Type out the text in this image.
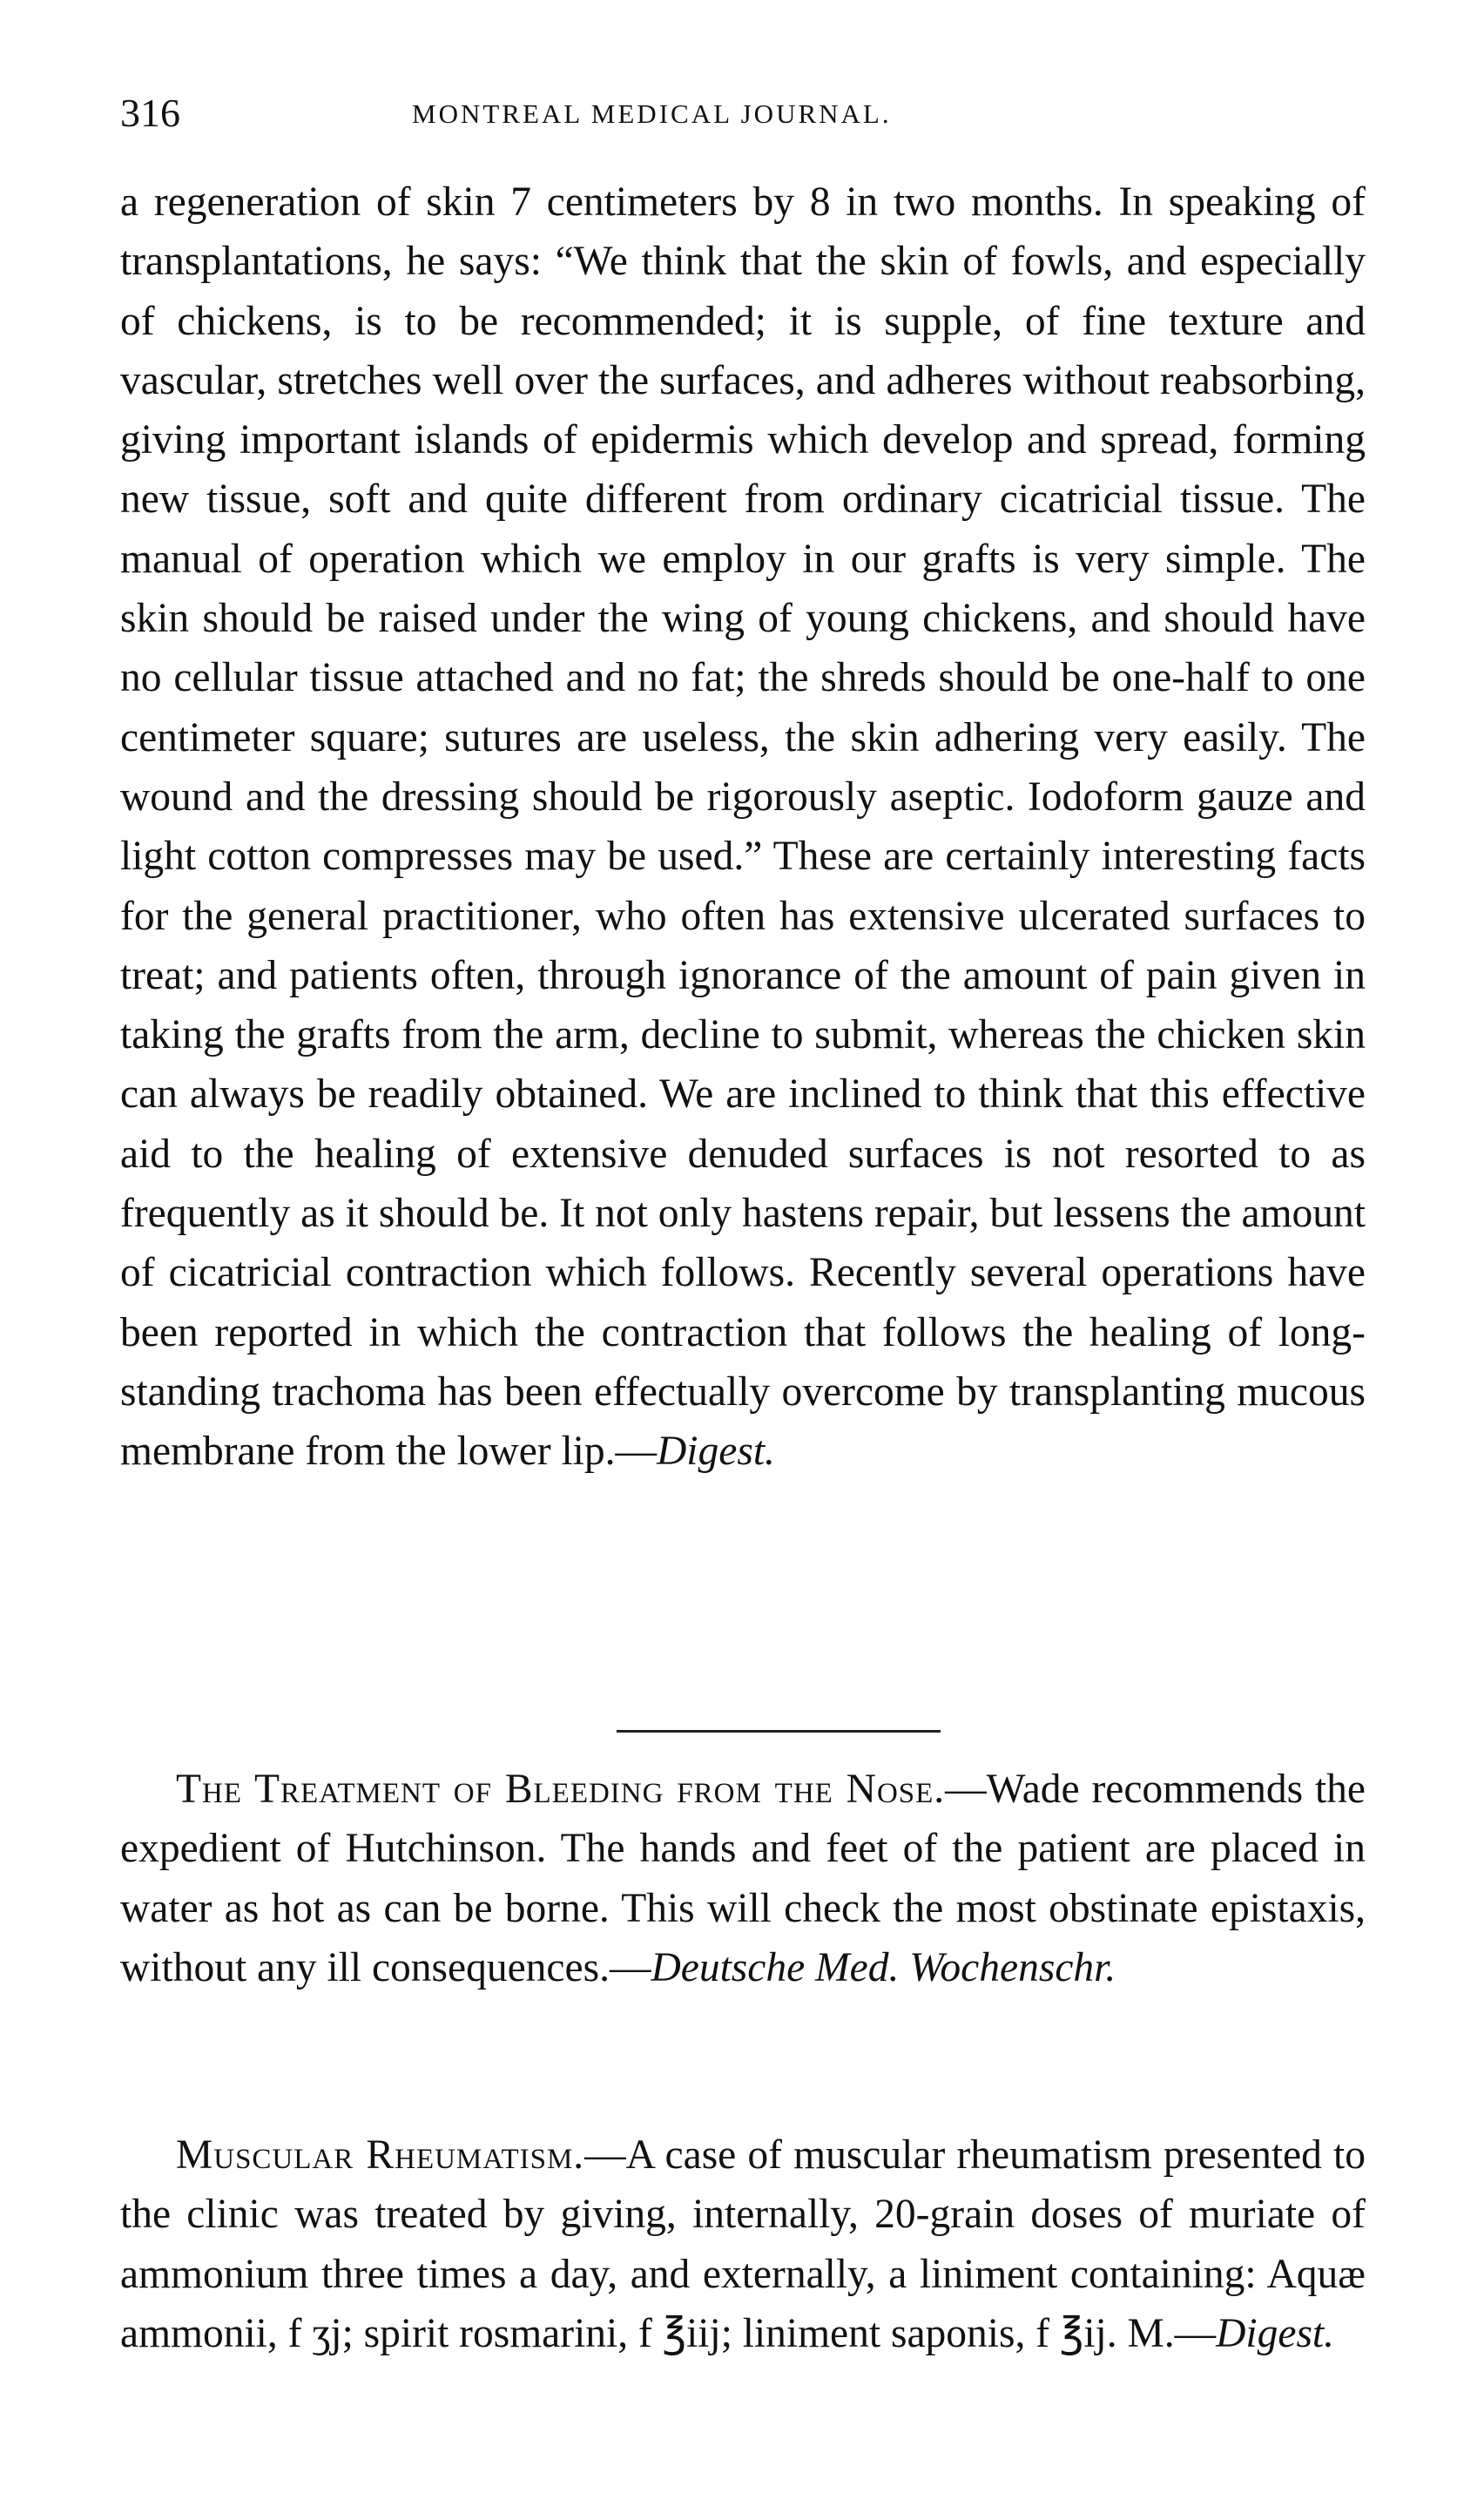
316	MONTREAL MEDICAL JOURNAL.

a regeneration of skin 7 centimeters by 8 in two months. In speaking of transplantations, he says: “We think that the skin of fowls, and especially of chickens, is to be recommended; it is supple, of fine texture and vascular, stretches well over the surfaces, and adheres without reabsorbing, giving important islands of epidermis which develop and spread, forming new tissue, soft and quite different from ordinary cicatricial tissue. The manual of operation which we employ in our grafts is very simple. The skin should be raised under the wing of young chickens, and should have no cellular tissue attached and no fat; the shreds should be one-half to one centimeter square; sutures are useless, the skin adhering very easily. The wound and the dressing should be rigorously aseptic. Iodoform gauze and light cotton compresses may be used.” These are certainly interesting facts for the general practitioner, who often has extensive ulcerated surfaces to treat; and patients often, through ignorance of the amount of pain given in taking the grafts from the arm, decline to submit, whereas the chicken skin can always be readily obtained. We are inclined to think that this effective aid to the healing of extensive denuded surfaces is not resorted to as frequently as it should be. It not only hastens repair, but lessens the amount of cicatricial contraction which follows. Recently several operations have been reported in which the contraction that follows the healing of long-standing trachoma has been effectually overcome by transplanting mucous membrane from the lower lip.—Digest.

The Treatment of Bleeding from the Nose.—Wade recommends the expedient of Hutchinson. The hands and feet of the patient are placed in water as hot as can be borne. This will check the most obstinate epistaxis, without any ill consequences.—Deutsche Med. Wochenschr.

Muscular Rheumatism.—A case of muscular rheumatism presented to the clinic was treated by giving, internally, 20-grain doses of muriate of ammonium three times a day, and externally, a liniment containing: Aquæ ammonii, f ʒj; spirit rosmarini, f ℥iij; liniment saponis, f ℥ij. M.—Digest.
